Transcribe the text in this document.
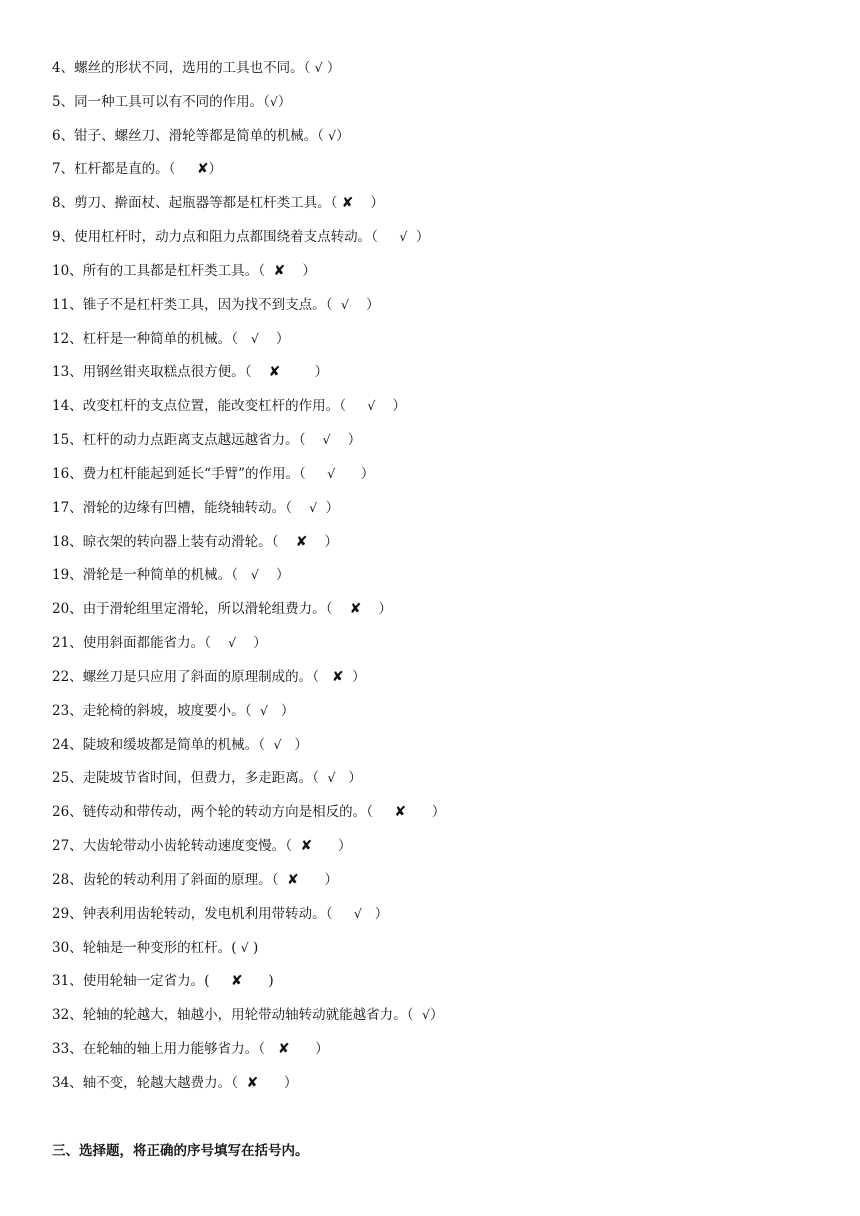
4、螺丝的形状不同，选用的工具也不同。（ √ ）
5、同一种工具可以有不同的作用。（√）
6、钳子、螺丝刀、滑轮等都是简单的机械。（ √）
7、杠杆都是直的。（     ✘）
8、剪刀、擀面杖、起瓶器等都是杠杆类工具。（ ✘    ）
9、使用杠杆时，动力点和阻力点都围绕着支点转动。（     √  ）
10、所有的工具都是杠杆类工具。（  ✘    ）
11、锥子不是杠杆类工具，因为找不到支点。（  √    ）
12、杠杆是一种简单的机械。（   √    ）
13、用钢丝钳夹取糕点很方便。（    ✘        ）
14、改变杠杆的支点位置，能改变杠杆的作用。（     √    ）
15、杠杆的动力点距离支点越远越省力。（    √    ）
16、费力杠杆能起到延长“手臂”的作用。（     √      ）
17、滑轮的边缘有凹槽，能绕轴转动。（    √  ）
18、晾衣架的转向器上装有动滑轮。（    ✘    ）
19、滑轮是一种简单的机械。（   √    ）
20、由于滑轮组里定滑轮，所以滑轮组费力。（    ✘    ）
21、使用斜面都能省力。（    √    ）
22、螺丝刀是只应用了斜面的原理制成的。（   ✘  ）
23、走轮椅的斜坡，坡度要小。（  √   ）
24、陡坡和缓坡都是简单的机械。（  √   ）
25、走陡坡节省时间，但费力，多走距离。（  √   ）
26、链传动和带传动，两个轮的转动方向是相反的。（     ✘      ）
27、大齿轮带动小齿轮转动速度变慢。（  ✘      ）
28、齿轮的转动利用了斜面的原理。（  ✘      ）
29、钟表利用齿轮转动，发电机利用带转动。（     √   ）
30、轮轴是一种变形的杠杆。( √ )
31、使用轮轴一定省力。(     ✘      )
32、轮轴的轮越大，轴越小，用轮带动轴转动就能越省力。（  √）
33、在轮轴的轴上用力能够省力。（   ✘      ）
34、轴不变，轮越大越费力。（  ✘      ）
三、选择题，将正确的序号填写在括号内。
